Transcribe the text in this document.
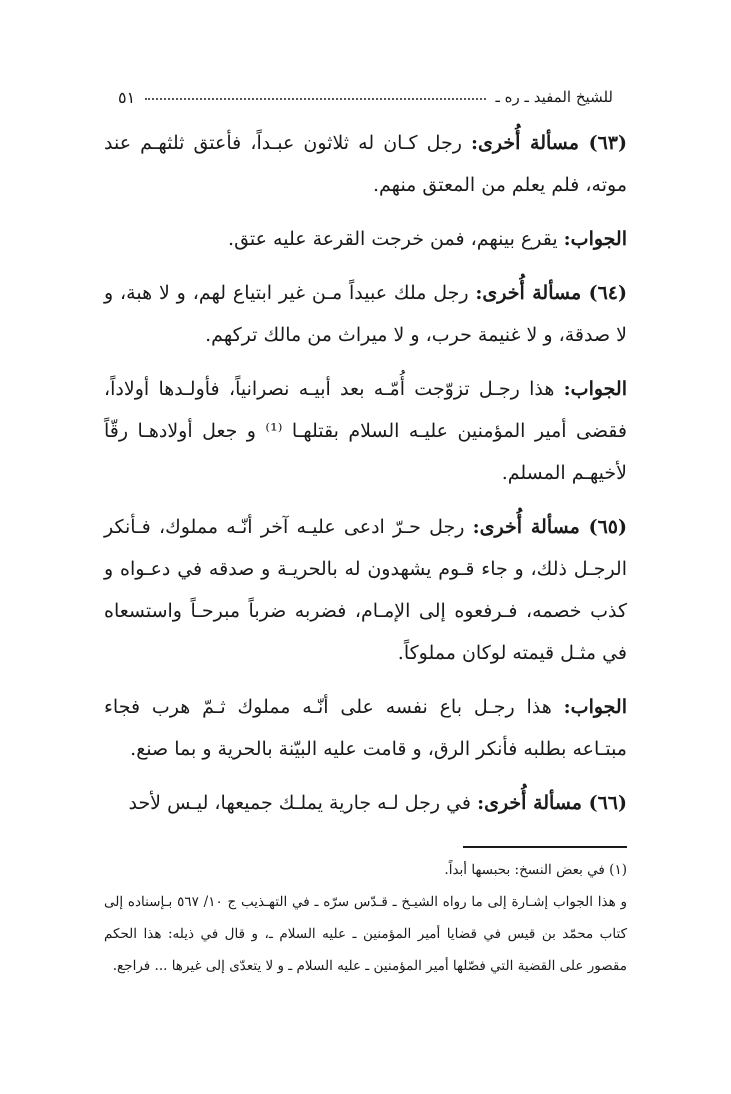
للشيخ المفيد ـ ره ـ
٥١

(٦٣) مسألة أُخرى: رجل كـان له ثلاثون عبـداً، فأعتق ثلثهـم عند موته، فلم يعلم من المعتق منهم.

الجواب: يقرع بينهم، فمن خرجت القرعة عليه عتق.

(٦٤) مسألة أُخرى: رجل ملك عبيداً مـن غير ابتياع لهم، و لا هبة، و لا صدقة، و لا غنيمة حرب، و لا ميراث من مالك تركهم.

الجواب: هذا رجـل تزوّجت أُمّـه بعد أبيـه نصرانياً، فأولـدها أولاداً، فقضى أمير المؤمنين عليـه السلام بقتلهـا ⁽¹⁾ و جعل أولادهـا رقّاً لأخيهـم المسلم.

(٦٥) مسألة أُخرى: رجل حـرّ ادعى عليـه آخر أنّـه مملوك، فـأنكر الرجـل ذلك، و جاء قـوم يشهدون له بالحريـة و صدقه في دعـواه و كذب خصمه، فـرفعوه إلى الإمـام، فضربه ضرباً مبرحـاً واستسعاه في مثـل قيمته لوكان مملوكاً.

الجواب: هذا رجـل باع نفسه على أنّـه مملوك ثـمّ هرب فجاء مبتـاعه بطلبه فأنكر الرق، و قامت عليه البيّنة بالحرية و بما صنع.

(٦٦) مسألة أُخرى: في رجل لـه جارية يملـك جميعها، ليـس لأحد

(١) في بعض النسخ: بحبسها أبداً.

و هذا الجواب إشـارة إلى ما رواه الشيـخ ـ قـدّس سرّه ـ في التهـذيب ج ١٠/ ٥٦٧ بـإسناده إلى كتاب محمّد بن قيس في قضايا أمير المؤمنين ـ عليه السلام ـ، و قال في ذيله: هذا الحكم مقصور على القضية التي فصّلها أمير المؤمنين ـ عليه السلام ـ و لا يتعدّى إلى غيرها ... فراجع.
